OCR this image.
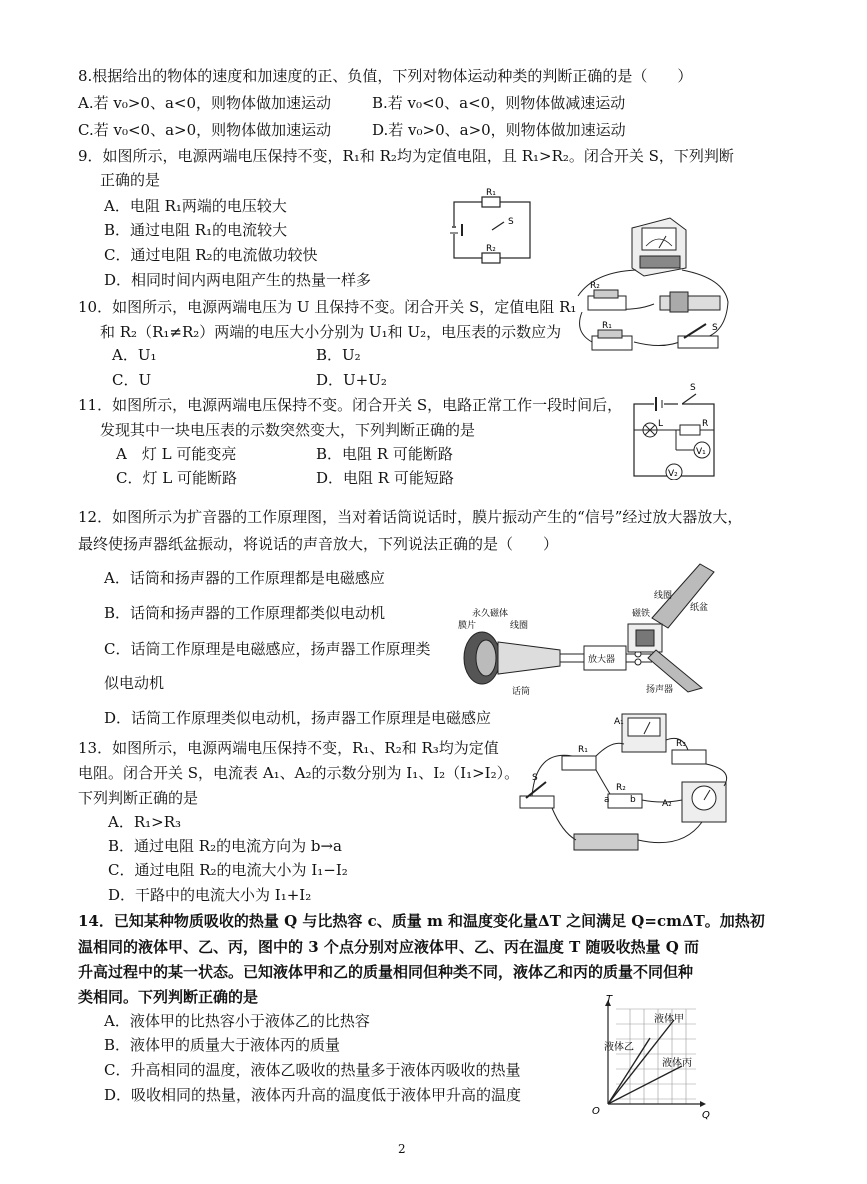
8.根据给出的物体的速度和加速度的正、负值，下列对物体运动种类的判断正确的是（　　）
A.若 v₀>0、a<0，则物体做加速运动	B.若 v₀<0、a<0，则物体做减速运动
C.若 v₀<0、a>0，则物体做加速运动	D.若 v₀>0、a>0，则物体做加速运动
9．如图所示，电源两端电压保持不变，R₁和 R₂均为定值电阻，且 R₁>R₂。闭合开关 S，下列判断
正确的是
A．电阻 R₁两端的电压较大
B．通过电阻 R₁的电流较大
C．通过电阻 R₂的电流做功较快
D．相同时间内两电阻产生的热量一样多
R₁
R₂
S
10．如图所示，电源两端电压为 U 且保持不变。闭合开关 S，定值电阻 R₁
和 R₂（R₁≠R₂）两端的电压大小分别为 U₁和 U₂，电压表的示数应为
A．U₁	B．U₂
C．U	D．U+U₂
R₂
R₁	S
11．如图所示，电源两端电压保持不变。闭合开关 S，电路正常工作一段时间后，
发现其中一块电压表的示数突然变大，下列判断正确的是
A　灯 L 可能变亮	B．电阻 R 可能断路
C．灯 L 可能断路	D．电阻 R 可能短路
S
L	R
V₁
V₂
12．如图所示为扩音器的工作原理图，当对着话筒说话时，膜片振动产生的“信号”经过放大器放大，
最终使扬声器纸盆振动，将说话的声音放大，下列说法正确的是（　　）
A．话筒和扬声器的工作原理都是电磁感应
B．话筒和扬声器的工作原理都类似电动机
C．话筒工作原理是电磁感应，扬声器工作原理类
似电动机
D．话筒工作原理类似电动机，扬声器工作原理是电磁感应
膜片
永久磁体
线圈
话筒
放大器
线圈
磁铁
纸盆
扬声器
13．如图所示，电源两端电压保持不变，R₁、R₂和 R₃均为定值
电阻。闭合开关 S，电流表 A₁、A₂的示数分别为 I₁、I₂（I₁>I₂）。
下列判断正确的是
A．R₁>R₃
B．通过电阻 R₂的电流方向为 b→a
C．通过电阻 R₂的电流大小为 I₁−I₂
D．干路中的电流大小为 I₁+I₂
A₁
A₂
R₁
R₃
R₂
a b
S
14．已知某种物质吸收的热量 Q 与比热容 c、质量 m 和温度变化量ΔT 之间满足 Q=cmΔT。加热初
温相同的液体甲、乙、丙，图中的 3 个点分别对应液体甲、乙、丙在温度 T 随吸收热量 Q 而
升高过程中的某一状态。已知液体甲和乙的质量相同但种类不同，液体乙和丙的质量不同但种
类相同。下列判断正确的是
A．液体甲的比热容小于液体乙的比热容
B．液体甲的质量大于液体丙的质量
C．升高相同的温度，液体乙吸收的热量多于液体丙吸收的热量
D．吸收相同的热量，液体丙升高的温度低于液体甲升高的温度
T
Q
O
液体甲
液体乙
液体丙
2
